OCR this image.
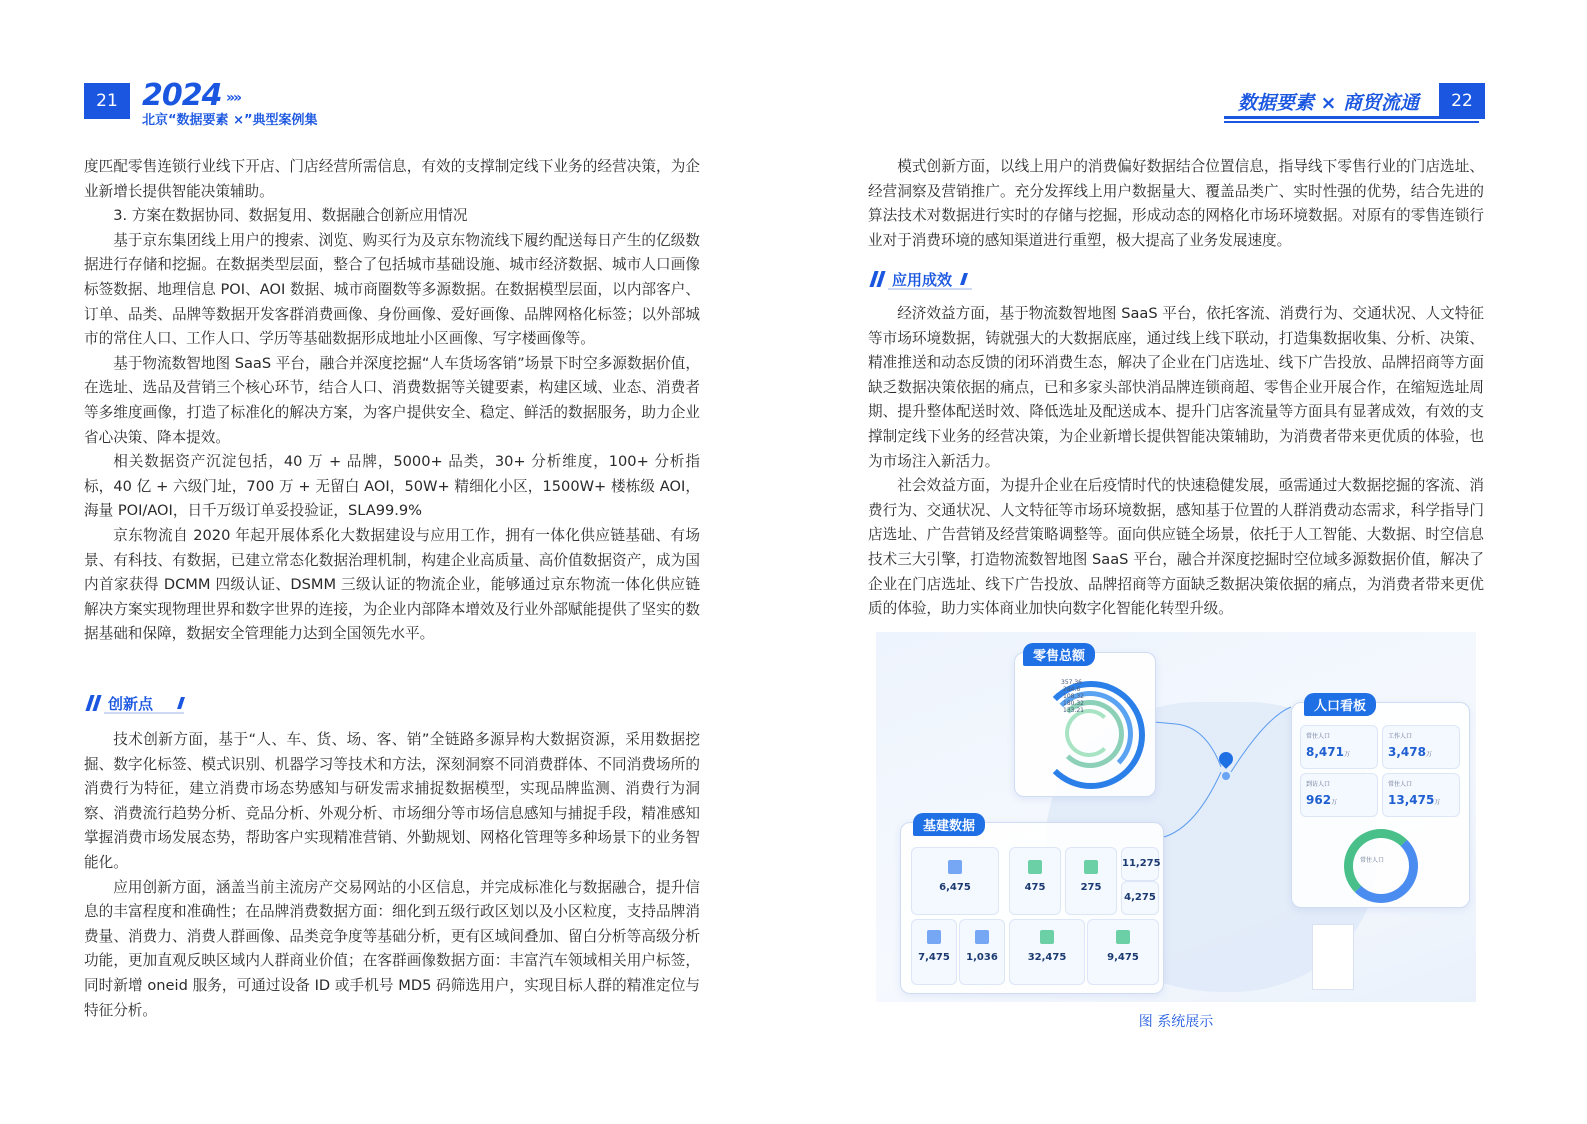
21 2024 »»
北京“数据要素 ×”典型案例集

度匹配零售连锁行业线下开店、门店经营所需信息，有效的支撑制定线下业务的经营决策，为企业新增长提供智能决策辅助。

3. 方案在数据协同、数据复用、数据融合创新应用情况

基于京东集团线上用户的搜索、浏览、购买行为及京东物流线下履约配送每日产生的亿级数据进行存储和挖掘。在数据类型层面，整合了包括城市基础设施、城市经济数据、城市人口画像标签数据、地理信息 POI、AOI 数据、城市商圈数等多源数据。在数据模型层面，以内部客户、订单、品类、品牌等数据开发客群消费画像、身份画像、爱好画像、品牌网格化标签；以外部城市的常住人口、工作人口、学历等基础数据形成地址小区画像、写字楼画像等。

基于物流数智地图 SaaS 平台，融合并深度挖掘“人车货场客销”场景下时空多源数据价值，在选址、选品及营销三个核心环节，结合人口、消费数据等关键要素，构建区域、业态、消费者等多维度画像，打造了标准化的解决方案，为客户提供安全、稳定、鲜活的数据服务，助力企业省心决策、降本提效。

相关数据资产沉淀包括，40 万 + 品牌，5000+ 品类，30+ 分析维度，100+ 分析指标，40 亿 + 六级门址，700 万 + 无留白 AOI，50W+ 精细化小区，1500W+ 楼栋级 AOI，海量 POI/AOI，日千万级订单妥投验证，SLA99.9%

京东物流自 2020 年起开展体系化大数据建设与应用工作，拥有一体化供应链基础、有场景、有科技、有数据，已建立常态化数据治理机制，构建企业高质量、高价值数据资产，成为国内首家获得 DCMM 四级认证、DSMM 三级认证的物流企业，能够通过京东物流一体化供应链解决方案实现物理世界和数字世界的连接，为企业内部降本增效及行业外部赋能提供了坚实的数据基础和保障，数据安全管理能力达到全国领先水平。

创新点

技术创新方面，基于“人、车、货、场、客、销”全链路多源异构大数据资源，采用数据挖掘、数字化标签、模式识别、机器学习等技术和方法，深刻洞察不同消费群体、不同消费场所的消费行为特征，建立消费市场态势感知与研发需求捕捉数据模型，实现品牌监测、消费行为洞察、消费流行趋势分析、竞品分析、外观分析、市场细分等市场信息感知与捕捉手段，精准感知掌握消费市场发展态势，帮助客户实现精准营销、外勤规划、网格化管理等多种场景下的业务智能化。

应用创新方面，涵盖当前主流房产交易网站的小区信息，并完成标准化与数据融合，提升信息的丰富程度和准确性；在品牌消费数据方面：细化到五级行政区划以及小区粒度，支持品牌消费量、消费力、消费人群画像、品类竞争度等基础分析，更有区域间叠加、留白分析等高级分析功能，更加直观反映区域内人群商业价值；在客群画像数据方面：丰富汽车领域相关用户标签，同时新增 oneid 服务，可通过设备 ID 或手机号 MD5 码筛选用户，实现目标人群的精准定位与特征分析。

数据要素 × 商贸流通	22

模式创新方面，以线上用户的消费偏好数据结合位置信息，指导线下零售行业的门店选址、经营洞察及营销推广。充分发挥线上用户数据量大、覆盖品类广、实时性强的优势，结合先进的算法技术对数据进行实时的存储与挖掘，形成动态的网格化市场环境数据。对原有的零售连锁行业对于消费环境的感知渠道进行重塑，极大提高了业务发展速度。

应用成效

经济效益方面，基于物流数智地图 SaaS 平台，依托客流、消费行为、交通状况、人文特征等市场环境数据，铸就强大的大数据底座，通过线上线下联动，打造集数据收集、分析、决策、精准推送和动态反馈的闭环消费生态，解决了企业在门店选址、线下广告投放、品牌招商等方面缺乏数据决策依据的痛点，已和多家头部快消品牌连锁商超、零售企业开展合作，在缩短选址周期、提升整体配送时效、降低选址及配送成本、提升门店客流量等方面具有显著成效，有效的支撑制定线下业务的经营决策，为企业新增长提供智能决策辅助，为消费者带来更优质的体验，也为市场注入新活力。

社会效益方面，为提升企业在后疫情时代的快速稳健发展，亟需通过大数据挖掘的客流、消费行为、交通状况、人文特征等市场环境数据，感知基于位置的人群消费动态需求，科学指导门店选址、广告营销及经营策略调整等。面向供应链全场景，依托于人工智能、大数据、时空信息技术三大引擎，打造物流数智地图 SaaS 平台，融合并深度挖掘时空位域多源数据价值，解决了企业在门店选址、线下广告投放、品牌招商等方面缺乏数据决策依据的痛点，为消费者带来更优质的体验，助力实体商业加快向数字化智能化转型升级。

零售总额
357.36
284.6
108.32
180.32
133.21	人口看板
常住人口
8,471万
工作人口
3,478万
到访人口
962万
常住人口
13,475万
常住人口
基建数据
6,475	475	275
11,275
4,275
7,475	1,036	32,475	9,475
图 系统展示
